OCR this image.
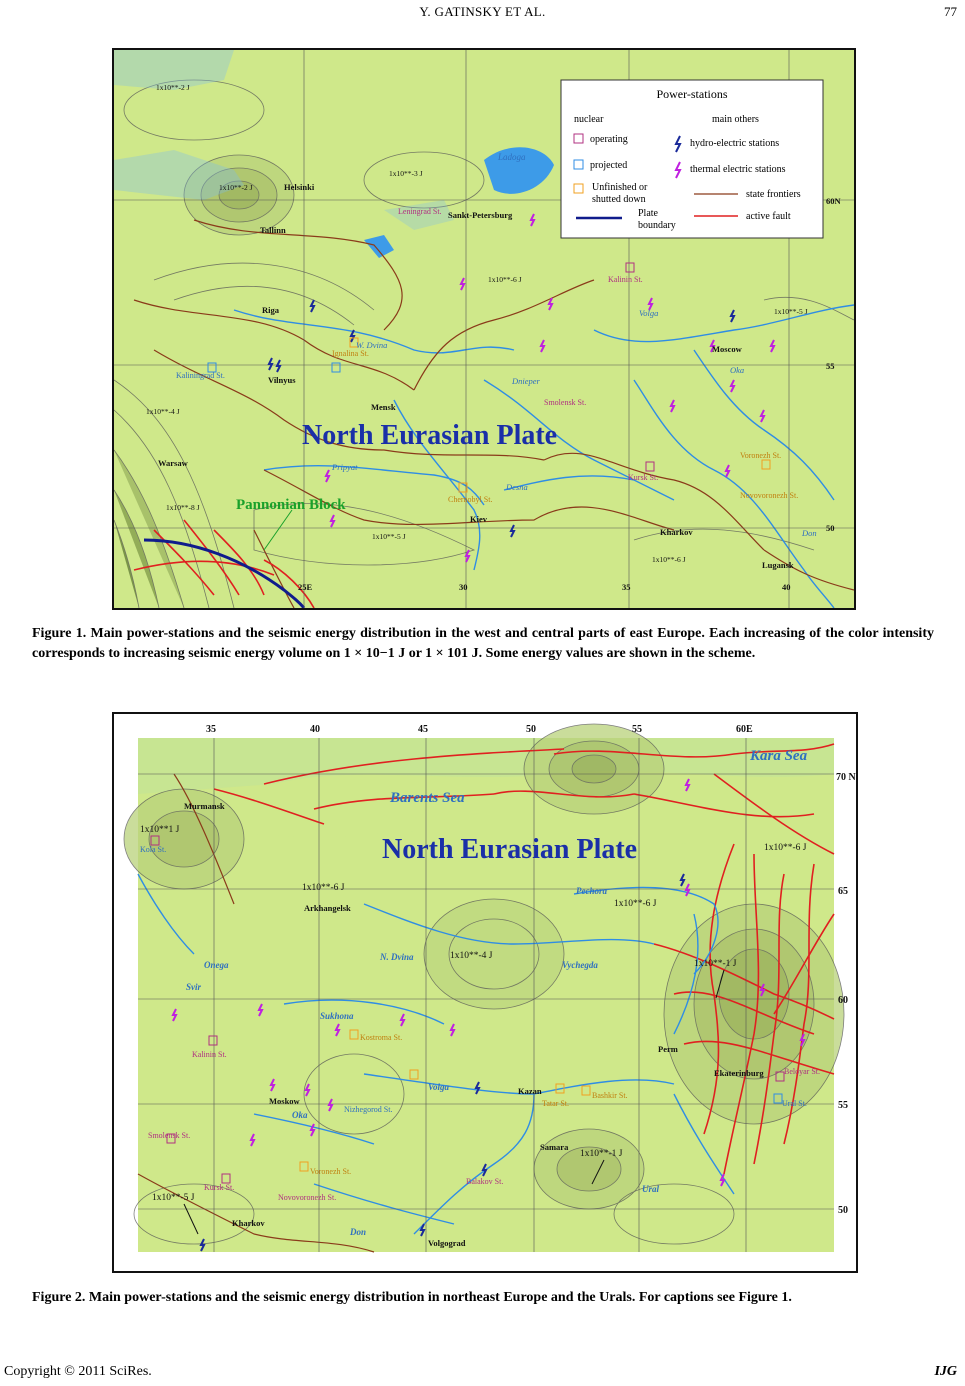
Y. GATINSKY ET AL.	77
Power-stations
nuclear	main others
operating
projected
Unfinished or
shutted down
Plate
boundary
hydro-electric stations
thermal electric stations
state frontiers
active fault
Helsinki
Tallinn
Sankt-Petersburg
Riga
Vilnyus
Mensk
Warsaw
Kiev
Moscow
Kharkov
Lugansk
Leningrad St.
Kalinin St.
Ignalina St.
Kaliningrad St.
Smolensk St.
Kursk St.
Voronezh St.
Novovoronezh St.
Chernobyl St.
W. Dvina
Volga
Dnieper
Oka
Pripyat
Desna
Don
Ladoga
1x10**-2 J
1x10**-2 J
1x10**-3 J
1x10**-6 J
1x10**-5 J
1x10**-4 J
1x10**-8 J
1x10**-5 J
1x10**-6 J
North Eurasian Plate
Pannonian Block
25E	30	35	40
60N
55
50
Figure 1. Main power-stations and the seismic energy distribution in the west and central parts of east Europe. Each increasing of the color intensity corresponds to increasing seismic energy volume on 1 × 10−1 J or 1 × 101 J. Some energy values are shown in the scheme.
Barents Sea
Kara Sea
North Eurasian Plate
Murmansk
Arkhangelsk
Perm
Ekaterinburg
Moskow
Kazan
Samara
Volgograd
Kharkov
Kola St.
Kalinin St.
Kostroma St.
Tatar St.
Bashkir St.
Beloyar St.
Ural St.
Nizhegorod St.
Smolensk St.
Kursk St.
Voronezh St.
Novovoronezh St.
Balakov St.
Pechora
N. Dvina
Vychegda
Onega
Svir
Sukhona
Volga
Oka
Don
Ural
1x10**1 J
1x10**-6 J
1x10**-6 J
1x10**-6 J
1x10**-4 J
1x10**-1 J
1x10**-1 J
1x10**-5 J
35	40	45	50	55	60E
70 N
65
60
55
50
Figure 2. Main power-stations and the seismic energy distribution in northeast Europe and the Urals. For captions see Figure 1.
Copyright © 2011 SciRes.	IJG
